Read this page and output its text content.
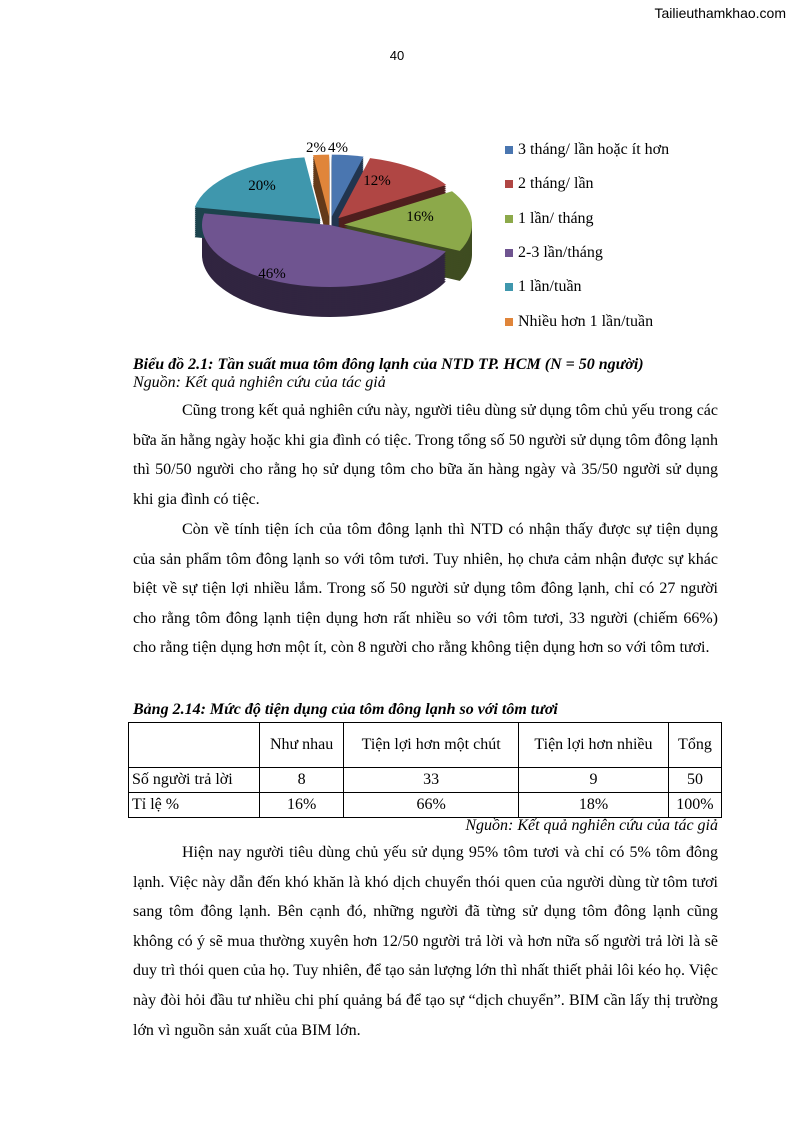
Tailieuthamkhao.com
40
4%
12%
16%
46%
20%
2%	3 tháng/ lần hoặc ít hơn
2 tháng/ lần
1 lần/ tháng
2-3 lần/tháng
1 lần/tuần
Nhiều hơn 1 lần/tuần
Biểu đồ 2.1: Tần suất mua tôm đông lạnh của NTD TP. HCM (N = 50 người)
Nguồn: Kết quả nghiên cứu của tác giả

Cũng trong kết quả nghiên cứu này, người tiêu dùng sử dụng tôm chủ yếu trong các bữa ăn hằng ngày hoặc khi gia đình có tiệc. Trong tổng số 50 người sử dụng tôm đông lạnh thì 50/50 người cho rằng họ sử dụng tôm cho bữa ăn hàng ngày và 35/50 người sử dụng khi gia đình có tiệc.

Còn về tính tiện ích của tôm đông lạnh thì NTD có nhận thấy được sự tiện dụng của sản phẩm tôm đông lạnh so với tôm tươi. Tuy nhiên, họ chưa cảm nhận được sự khác biệt về sự tiện lợi nhiều lắm. Trong số 50 người sử dụng tôm đông lạnh, chỉ có 27 người cho rằng tôm đông lạnh tiện dụng hơn rất nhiều so với tôm tươi, 33 người (chiếm 66%) cho rằng tiện dụng hơn một ít, còn 8 người cho rằng không tiện dụng hơn so với tôm tươi.

Bảng 2.14: Mức độ tiện dụng của tôm đông lạnh so với tôm tươi
	Như nhau	Tiện lợi hơn một chút	Tiện lợi hơn nhiều	Tổng
Số người trả lời	8	33	9	50
Tỉ lệ %	16%	66%	18%	100%
Nguồn: Kết quả nghiên cứu của tác giả

Hiện nay người tiêu dùng chủ yếu sử dụng 95% tôm tươi và chỉ có 5% tôm đông lạnh. Việc này dẫn đến khó khăn là khó dịch chuyển thói quen của người dùng từ tôm tươi sang tôm đông lạnh. Bên cạnh đó, những người đã từng sử dụng tôm đông lạnh cũng không có ý sẽ mua thường xuyên hơn 12/50 người trả lời và hơn nữa số người trả lời là sẽ duy trì thói quen của họ. Tuy nhiên, để tạo sản lượng lớn thì nhất thiết phải lôi kéo họ. Việc này đòi hỏi đầu tư nhiều chi phí quảng bá để tạo sự “dịch chuyển”. BIM cần lấy thị trường lớn vì nguồn sản xuất của BIM lớn.
